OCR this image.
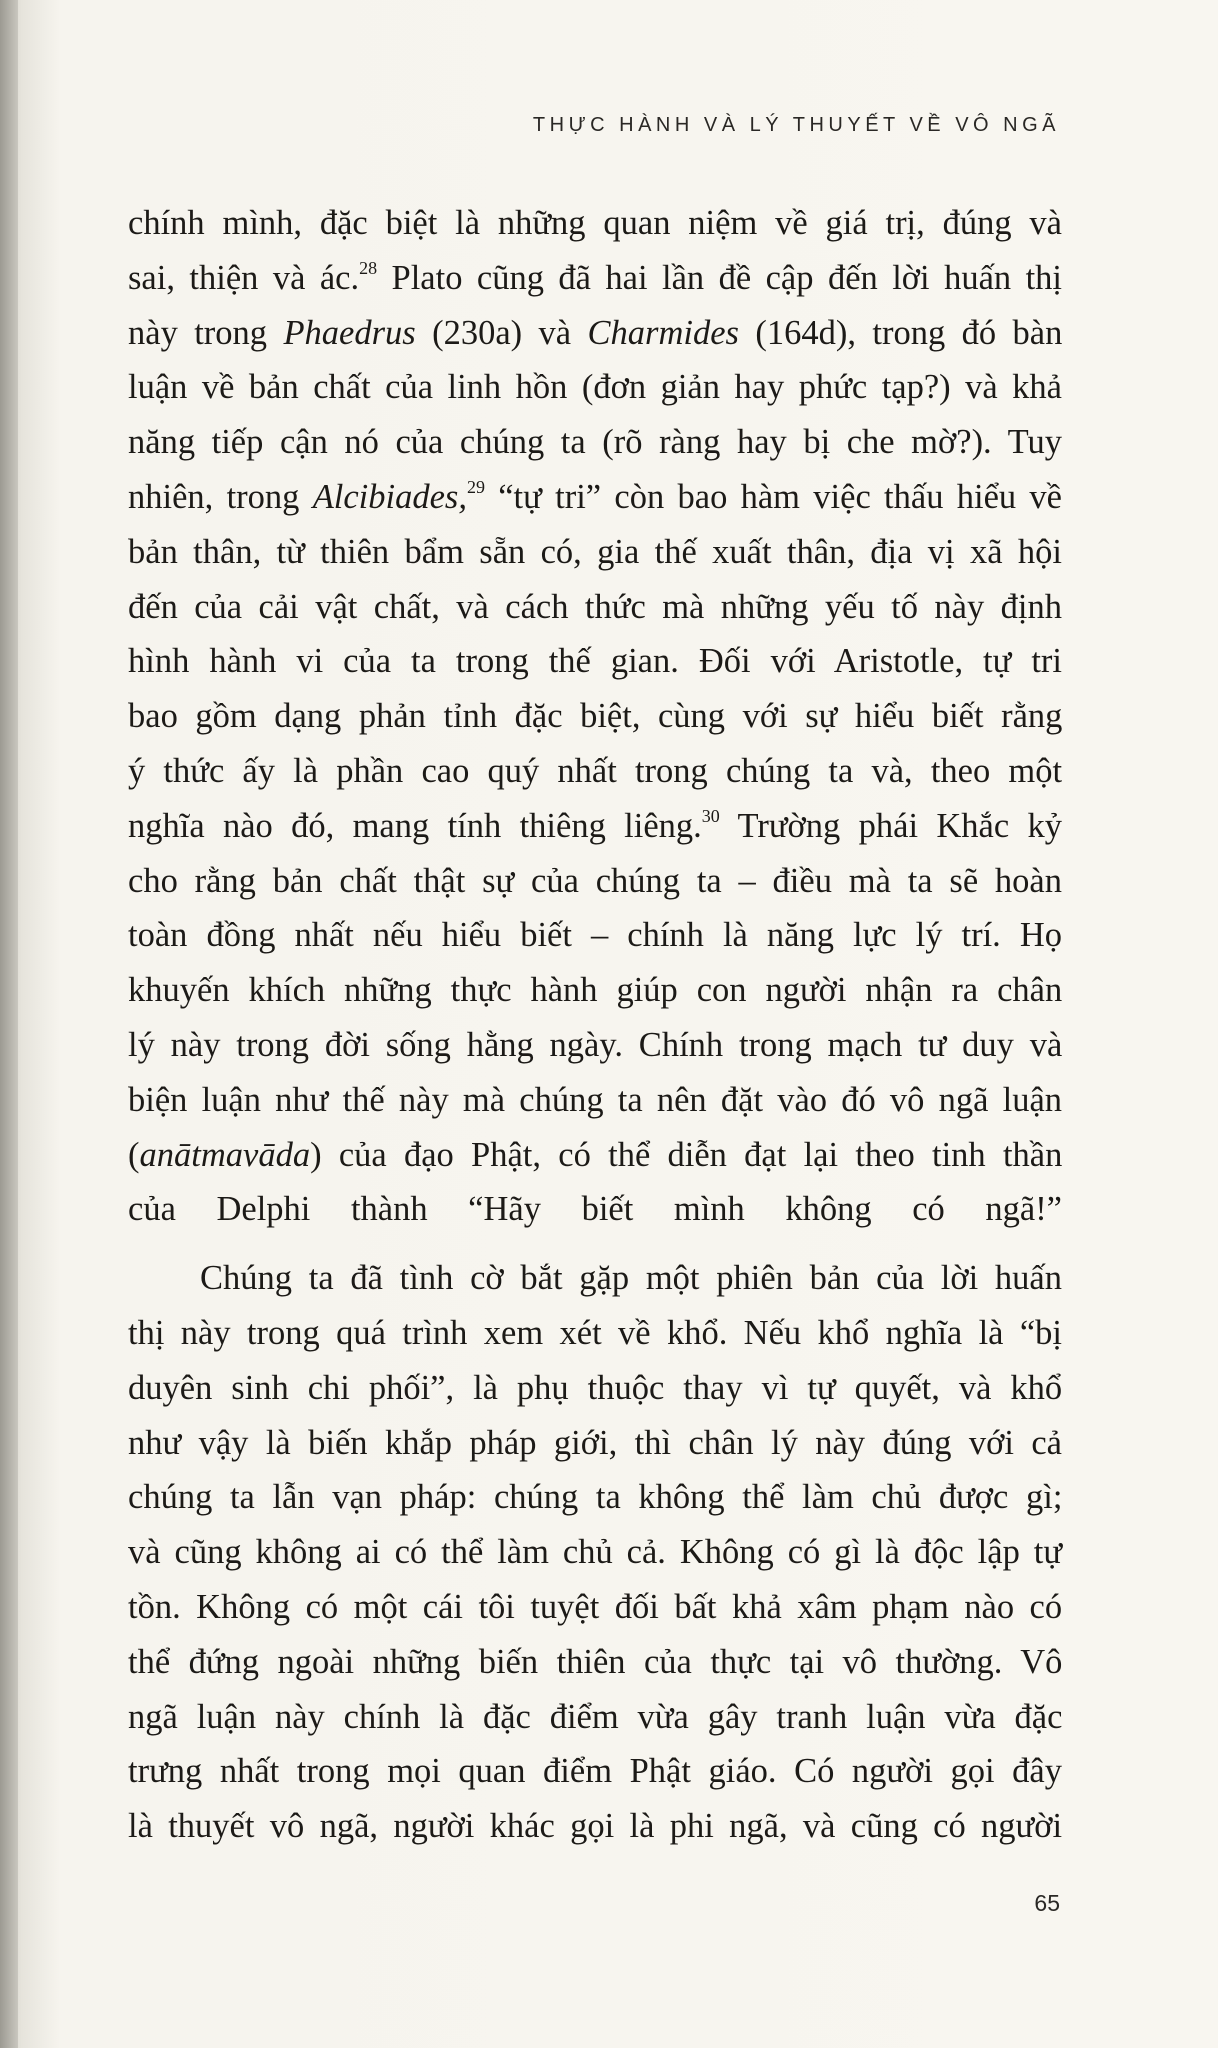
THỰC HÀNH VÀ LÝ THUYẾT VỀ VÔ NGÃ

chính mình, đặc biệt là những quan niệm về giá trị, đúng và
sai, thiện và ác.$^{28}$ Plato cũng đã hai lần đề cập đến lời huấn thị
này trong Phaedrus (230a) và Charmides (164d), trong đó bàn
luận về bản chất của linh hồn (đơn giản hay phức tạp?) và khả
năng tiếp cận nó của chúng ta (rõ ràng hay bị che mờ?). Tuy
nhiên, trong Alcibiades,$^{29}$ “tự tri” còn bao hàm việc thấu hiểu về
bản thân, từ thiên bẩm sẵn có, gia thế xuất thân, địa vị xã hội
đến của cải vật chất, và cách thức mà những yếu tố này định
hình hành vi của ta trong thế gian. Đối với Aristotle, tự tri
bao gồm dạng phản tỉnh đặc biệt, cùng với sự hiểu biết rằng
ý thức ấy là phần cao quý nhất trong chúng ta và, theo một
nghĩa nào đó, mang tính thiêng liêng.$^{30}$ Trường phái Khắc kỷ
cho rằng bản chất thật sự của chúng ta – điều mà ta sẽ hoàn
toàn đồng nhất nếu hiểu biết – chính là năng lực lý trí. Họ
khuyến khích những thực hành giúp con người nhận ra chân
lý này trong đời sống hằng ngày. Chính trong mạch tư duy và
biện luận như thế này mà chúng ta nên đặt vào đó vô ngã luận
(anātmavāda) của đạo Phật, có thể diễn đạt lại theo tinh thần
của Delphi thành “Hãy biết mình không có ngã!”

Chúng ta đã tình cờ bắt gặp một phiên bản của lời huấn
thị này trong quá trình xem xét về khổ. Nếu khổ nghĩa là “bị
duyên sinh chi phối”, là phụ thuộc thay vì tự quyết, và khổ
như vậy là biến khắp pháp giới, thì chân lý này đúng với cả
chúng ta lẫn vạn pháp: chúng ta không thể làm chủ được gì;
và cũng không ai có thể làm chủ cả. Không có gì là độc lập tự
tồn. Không có một cái tôi tuyệt đối bất khả xâm phạm nào có
thể đứng ngoài những biến thiên của thực tại vô thường. Vô
ngã luận này chính là đặc điểm vừa gây tranh luận vừa đặc
trưng nhất trong mọi quan điểm Phật giáo. Có người gọi đây
là thuyết vô ngã, người khác gọi là phi ngã, và cũng có người

65
